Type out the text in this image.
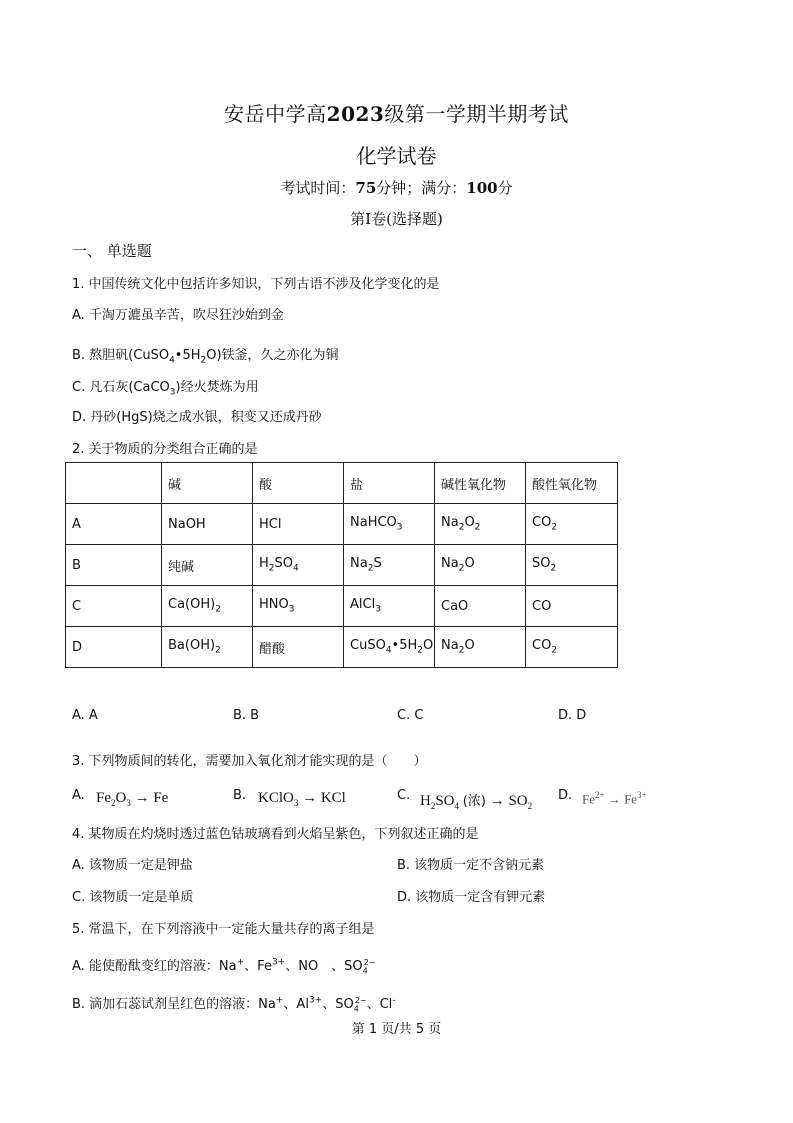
安岳中学高2023级第一学期半期考试
化学试卷
考试时间：75分钟；满分：100分
第I卷(选择题)
一、 单选题
1. 中国传统文化中包括许多知识，下列古语不涉及化学变化的是
A. 千淘万漉虽辛苦，吹尽狂沙始到金
B. 熬胆矾$(CuSO_4•5H_2O)$铁釜，久之亦化为铜
C. 凡石灰(CaCO$_3$)经火焚炼为用
D. 丹砂(HgS)烧之成水银，积变又还成丹砂
2. 关于物质的分类组合正确的是
	碱	酸	盐	碱性氧化物	酸性氧化物
A	NaOH	HCl	NaHCO$_3$	$Na_2O_2$	$CO_2$
B	纯碱	$H_2SO_4$	$Na_2S$	$Na_2O$	$SO_2$
C	$Ca(OH)_2$	$HNO_3$	AlCl$_3$	CaO	CO
D	$Ba(OH)_2$	醋酸	$CuSO_4•5H_2O$	$Na_2O$	$CO_2$
A. A	B. B	C. C	D. D
3. 下列物质间的转化，需要加入氧化剂才能实现的是（　　）
A. $Fe_2O_3 \to Fe$	B. KClO$_3$ → KCl	C. $H_2SO_4$ (浓) → $SO_2$
D. $Fe^{2+} \to Fe^{3+}$
4. 某物质在灼烧时透过蓝色钴玻璃看到火焰呈紫色，下列叙述正确的是
A. 该物质一定是钾盐	B. 该物质一定不含钠元素
C. 该物质一定是单质	D. 该物质一定含有钾元素
5. 常温下，在下列溶液中一定能大量共存的离子组是
A. 能使酚酞变红的溶液：Na+、$Fe^{3+}$、NO　、$SO_4^{2-}$
B. 滴加石蕊试剂呈红色的溶液：Na+、$Al^{3+}$、$SO_4^{2-}$、Cl-
第 1 页/共 5 页
